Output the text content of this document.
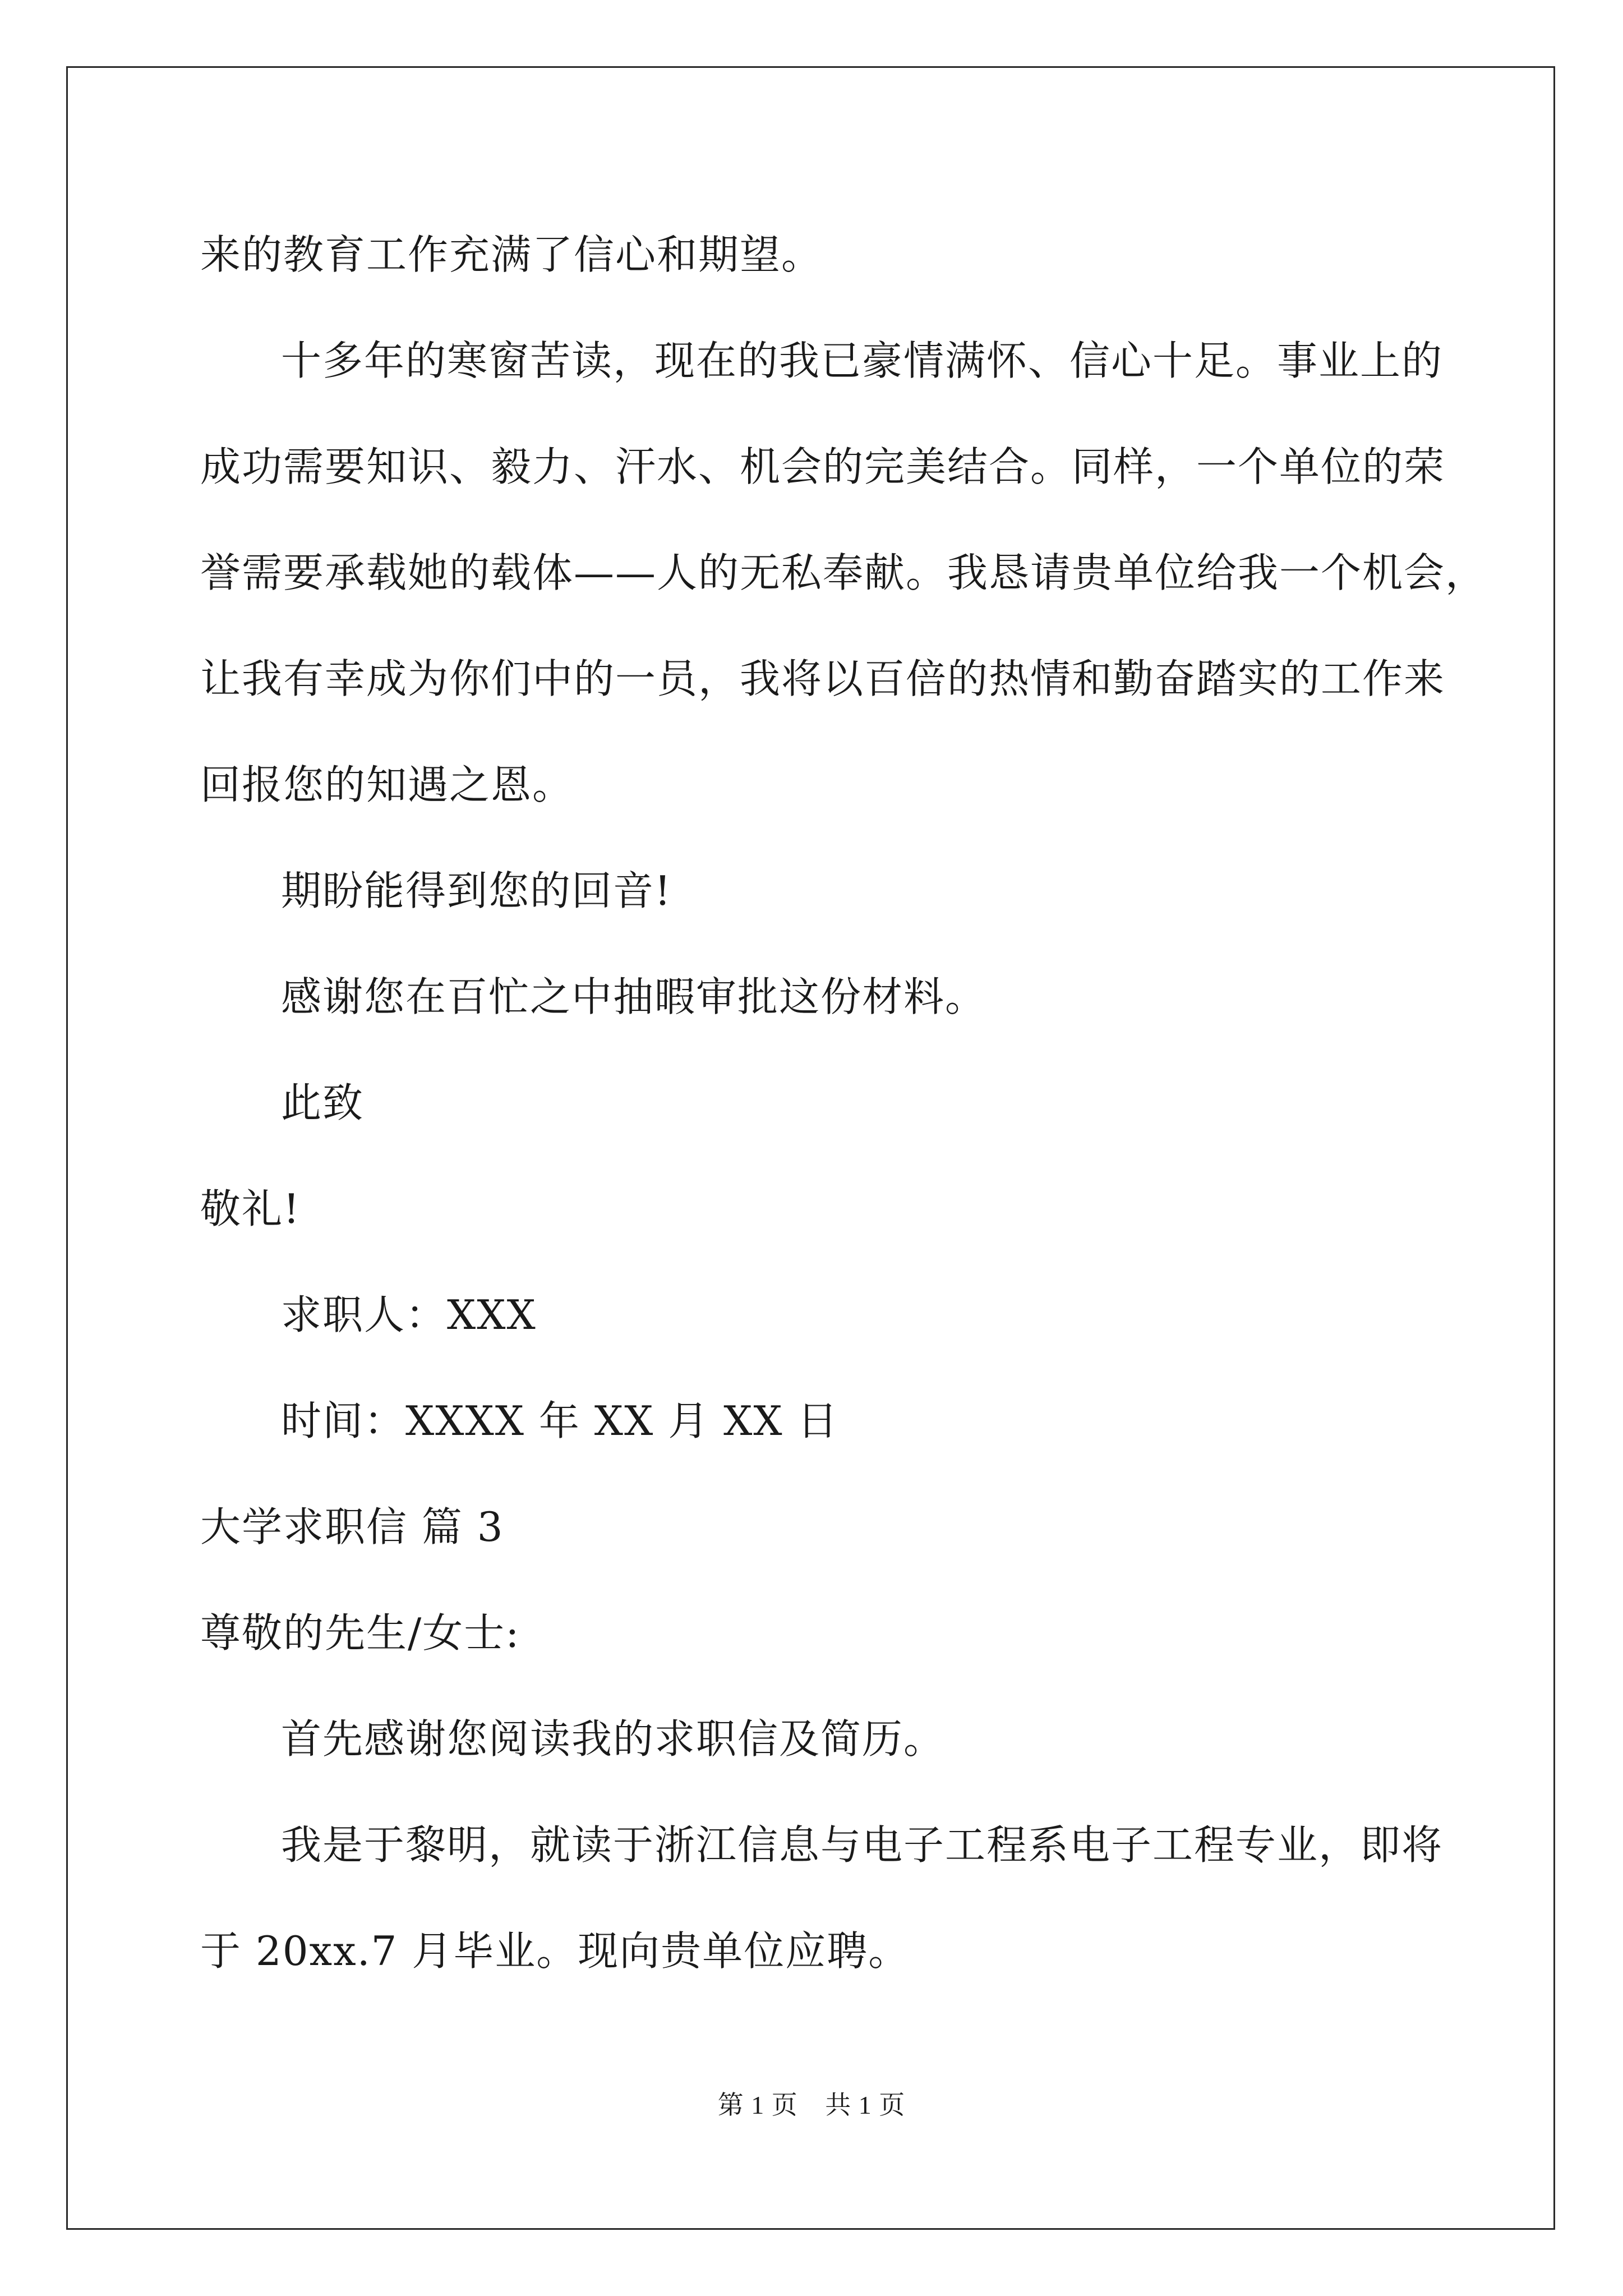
来的教育工作充满了信心和期望。
十多年的寒窗苦读，现在的我已豪情满怀、信心十足。事业上的
成功需要知识、毅力、汗水、机会的完美结合。同样，一个单位的荣
誉需要承载她的载体——人的无私奉献。我恳请贵单位给我一个机会，
让我有幸成为你们中的一员，我将以百倍的热情和勤奋踏实的工作来
回报您的知遇之恩。
期盼能得到您的回音!
感谢您在百忙之中抽暇审批这份材料。
此致
敬礼!
求职人：XXX
时间：XXXX 年 XX 月 XX 日
大学求职信 篇 3
尊敬的先生/女士:
首先感谢您阅读我的求职信及简历。
我是于黎明，就读于浙江信息与电子工程系电子工程专业，即将
于 20xx.7 月毕业。现向贵单位应聘。
第 1 页 共 1 页
